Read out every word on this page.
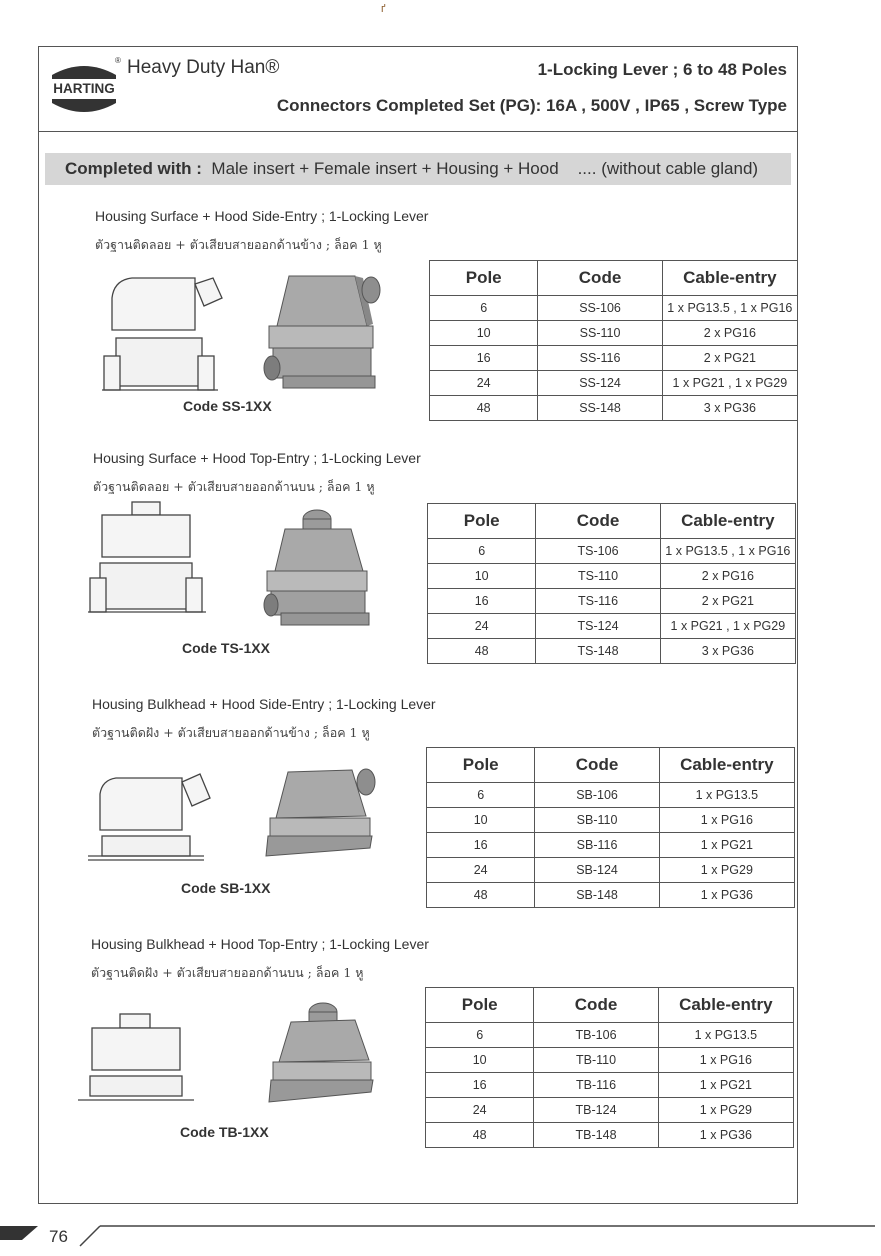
ґ
HARTING
® Heavy Duty Han®	1-Locking Lever ; 6 to 48 Poles
Connectors Completed Set (PG): 16A , 500V , IP65 , Screw Type
Completed with : Male insert + Female insert + Housing + Hood .... (without cable gland)
Housing Surface + Hood Side-Entry ; 1-Locking Lever
ตัวฐานติดลอย + ตัวเสียบสายออกด้านข้าง ; ล็อค 1 หู
Code SS-1XX
Pole	Code	Cable-entry
6	SS-106	1 x PG13.5 , 1 x PG16
10	SS-110	2 x PG16
16	SS-116	2 x PG21
24	SS-124	1 x PG21 , 1 x PG29
48	SS-148	3 x PG36
Housing Surface + Hood Top-Entry ; 1-Locking Lever
ตัวฐานติดลอย + ตัวเสียบสายออกด้านบน ; ล็อค 1 หู
Code TS-1XX
Pole	Code	Cable-entry
6	TS-106	1 x PG13.5 , 1 x PG16
10	TS-110	2 x PG16
16	TS-116	2 x PG21
24	TS-124	1 x PG21 , 1 x PG29
48	TS-148	3 x PG36
Housing Bulkhead + Hood Side-Entry ; 1-Locking Lever
ตัวฐานติดฝัง + ตัวเสียบสายออกด้านข้าง ; ล็อค 1 หู
Code SB-1XX
Pole	Code	Cable-entry
6	SB-106	1 x PG13.5
10	SB-110	1 x PG16
16	SB-116	1 x PG21
24	SB-124	1 x PG29
48	SB-148	1 x PG36
Housing Bulkhead + Hood Top-Entry ; 1-Locking Lever
ตัวฐานติดฝัง + ตัวเสียบสายออกด้านบน ; ล็อค 1 หู
Code TB-1XX
Pole	Code	Cable-entry
6	TB-106	1 x PG13.5
10	TB-110	1 x PG16
16	TB-116	1 x PG21
24	TB-124	1 x PG29
48	TB-148	1 x PG36
76
